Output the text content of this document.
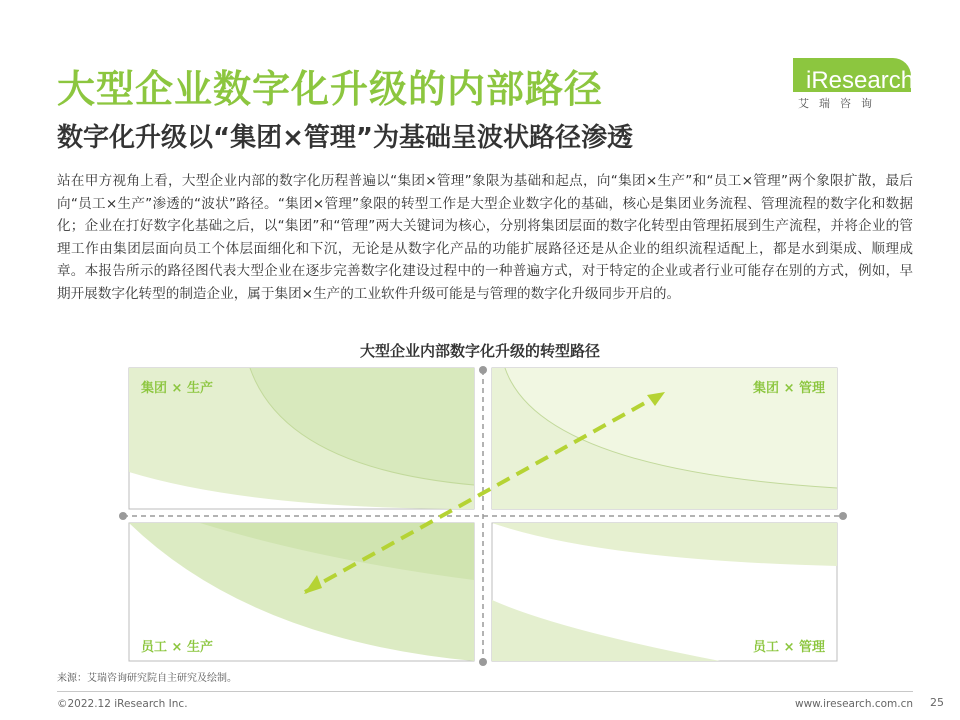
大型企业数字化升级的内部路径
数字化升级以“集团×管理”为基础呈波状路径渗透
iResearch
艾瑞咨询
站在甲方视角上看，大型企业内部的数字化历程普遍以“集团×管理”象限为基础和起点，向“集团×生产”和“员工×管理”两个象限扩散，最后向“员工×生产”渗透的“波状”路径。“集团×管理”象限的转型工作是大型企业数字化的基础，核心是集团业务流程、管理流程的数字化和数据化；企业在打好数字化基础之后，以“集团”和“管理”两大关键词为核心，分别将集团层面的数字化转型由管理拓展到生产流程，并将企业的管理工作由集团层面向员工个体层面细化和下沉，无论是从数字化产品的功能扩展路径还是从企业的组织流程适配上，都是水到渠成、顺理成章。本报告所示的路径图代表大型企业在逐步完善数字化建设过程中的一种普遍方式，对于特定的企业或者行业可能存在别的方式，例如，早期开展数字化转型的制造企业，属于集团×生产的工业软件升级可能是与管理的数字化升级同步开启的。
大型企业内部数字化升级的转型路径
集团 × 生产	集团 × 管理
员工 × 生产	员工 × 管理
来源：艾瑞咨询研究院自主研究及绘制。
©2022.12 iResearch Inc.	www.iresearch.com.cn 25
